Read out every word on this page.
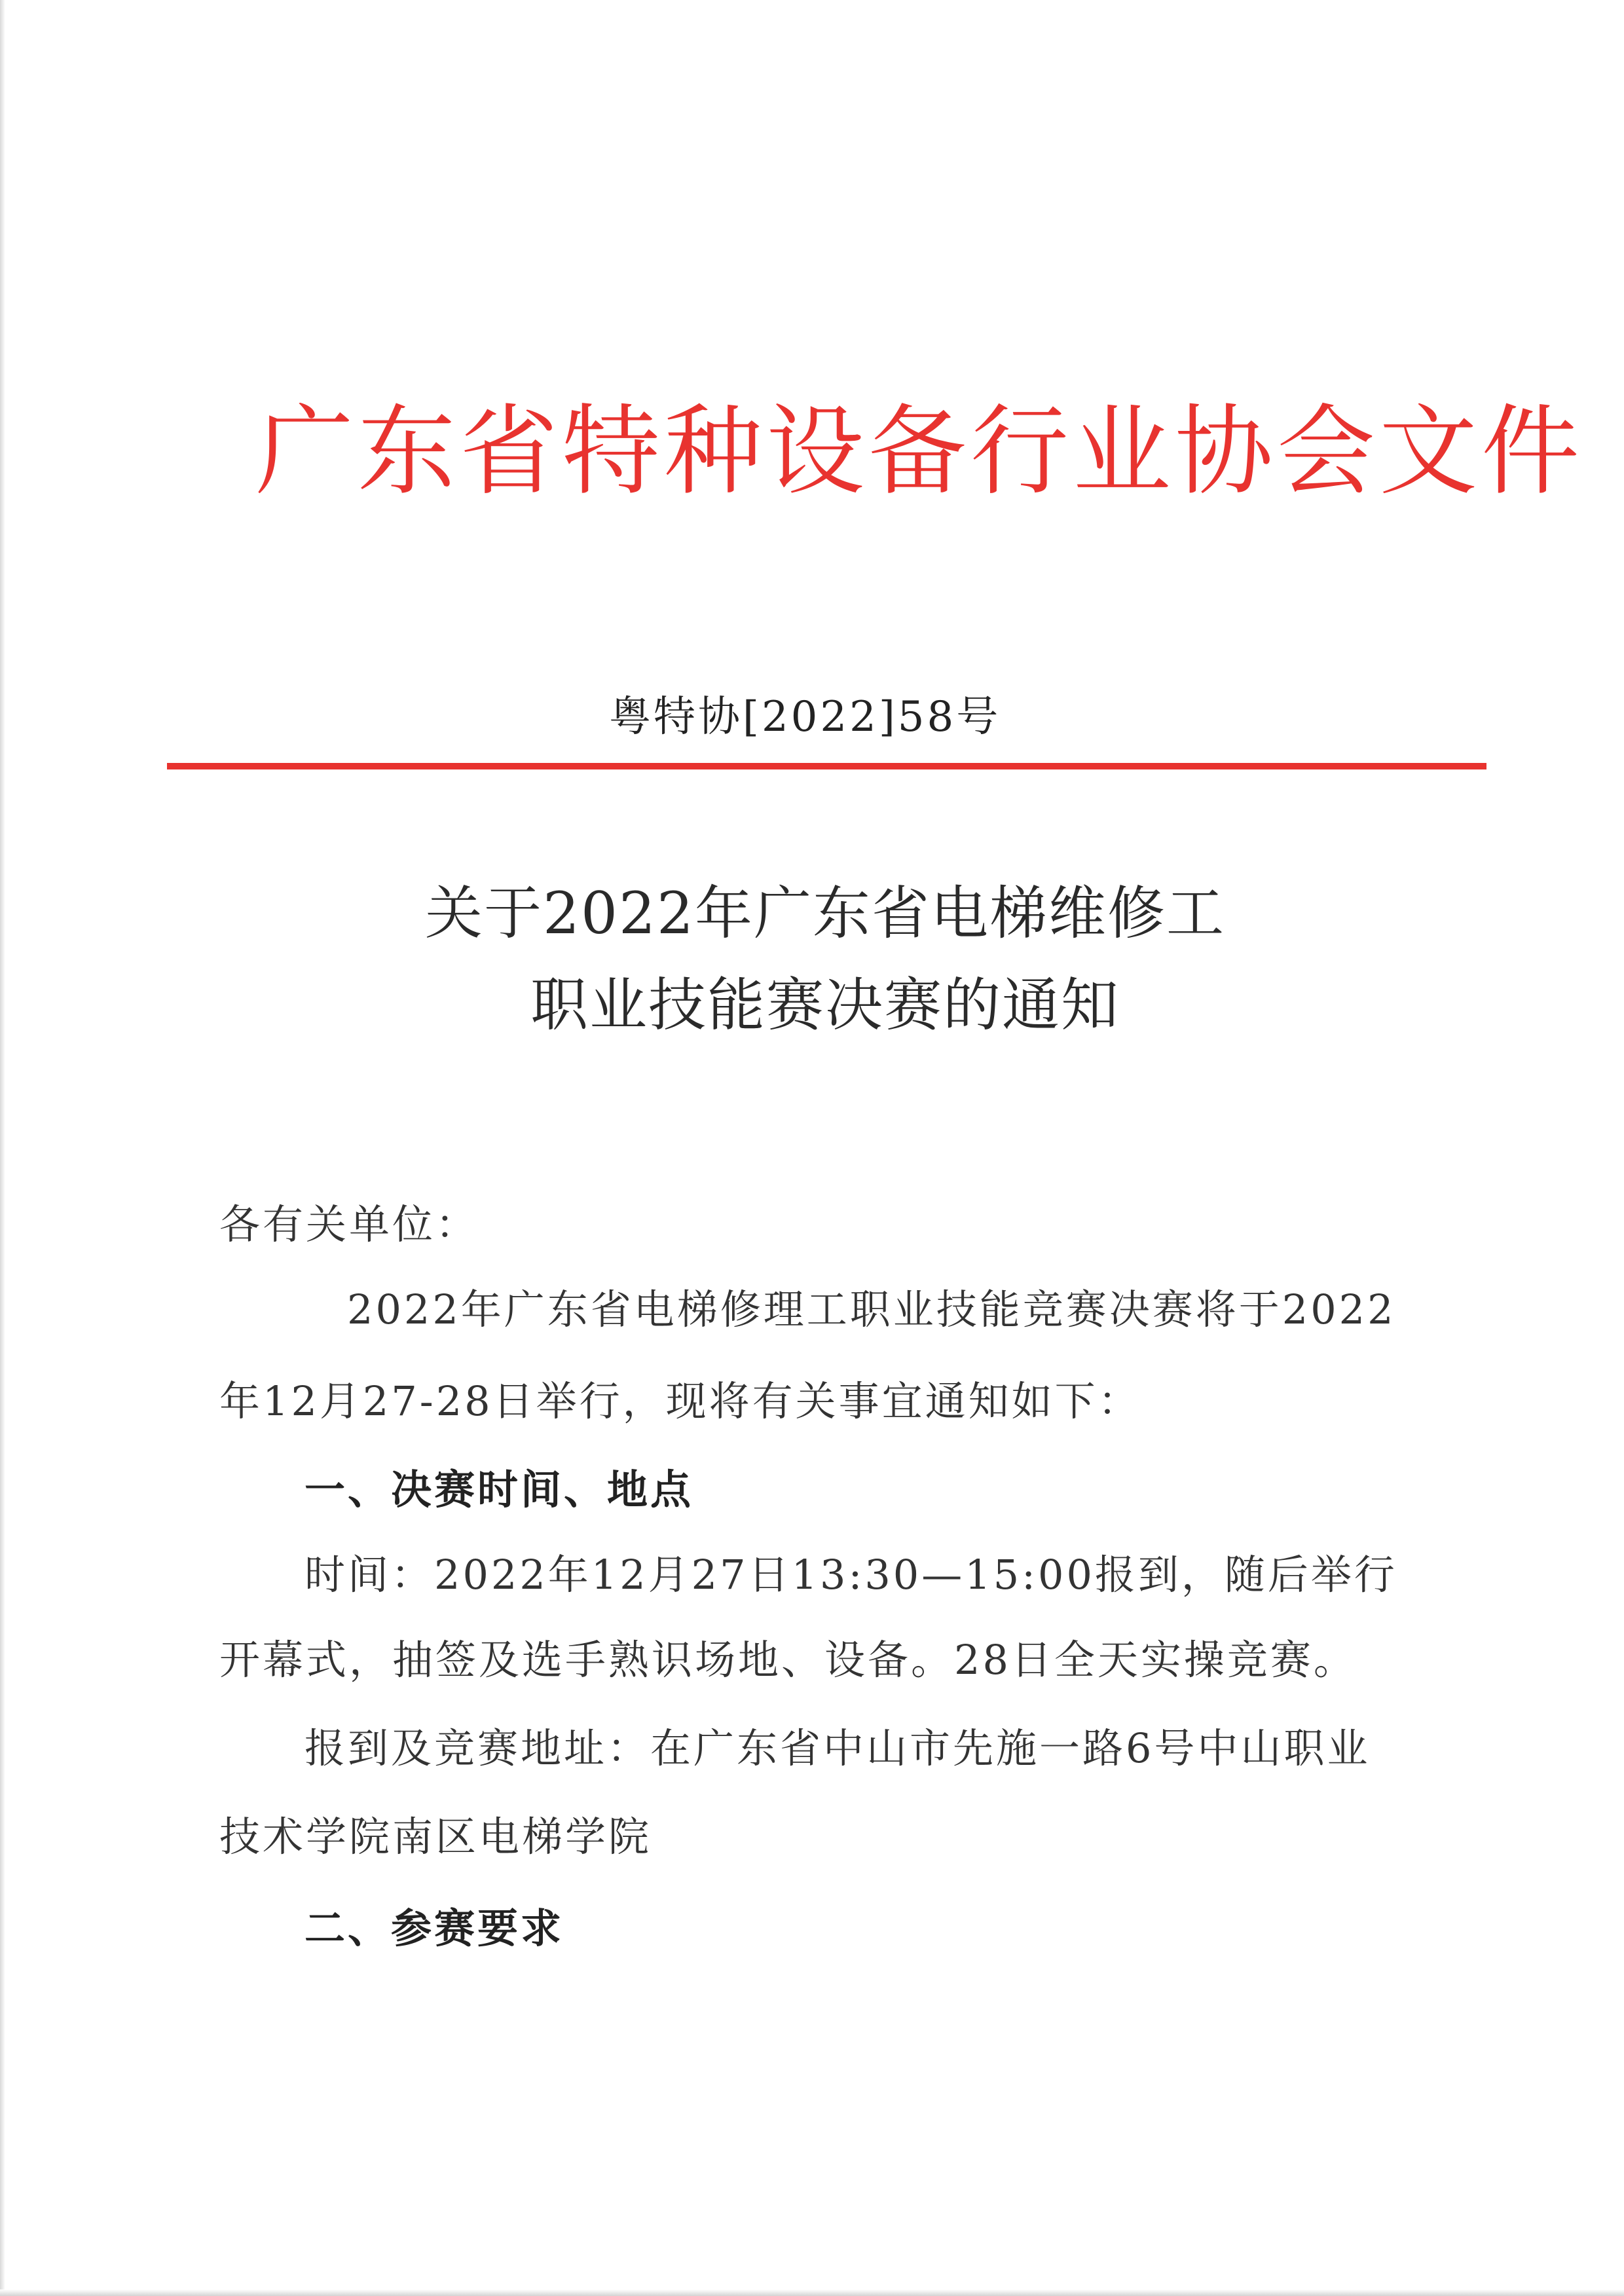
广东省特种设备行业协会文件
粤特协[2022]58号
关于2022年广东省电梯维修工
职业技能赛决赛的通知
各有关单位：
2022年广东省电梯修理工职业技能竞赛决赛将于2022
年12月27-28日举行，现将有关事宜通知如下：
一、决赛时间、地点
时间：2022年12月27日13:30—15:00报到，随后举行
开幕式，抽签及选手熟识场地、设备。28日全天实操竞赛。
报到及竞赛地址：在广东省中山市先施一路6号中山职业
技术学院南区电梯学院
二、参赛要求
